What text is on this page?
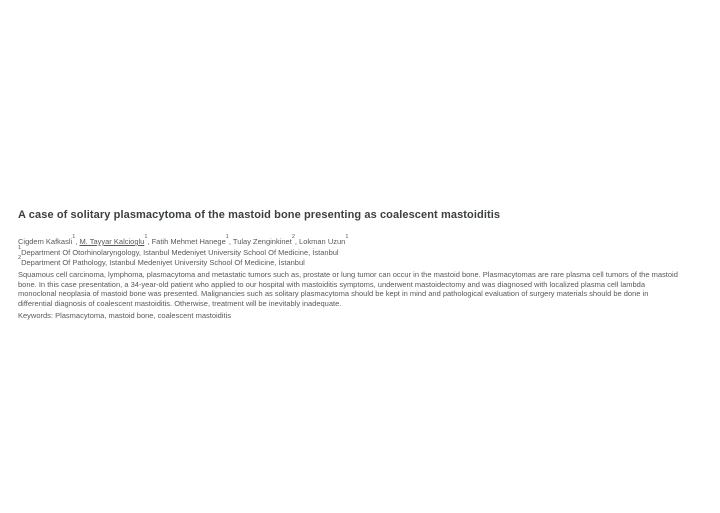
A case of solitary plasmacytoma of the mastoid bone presenting as coalescent mastoiditis
Cigdem Kafkasli$^1$, M. Tayyar Kalcioglu$^1$, Fatih Mehmet Hanege$^1$, Tulay Zenginkinet$^2$, Lokman Uzun$^1$
$^1$Department Of Otorhinolaryngology, Istanbul Medeniyet University School Of Medicine, İstanbul
$^2$Department Of Pathology, Istanbul Medeniyet University School Of Medicine, İstanbul
Squamous cell carcinoma, lymphoma, plasmacytoma and metastatic tumors such as, prostate or lung tumor can occur in the mastoid bone. Plasmacytomas are rare plasma cell tumors of the mastoid
bone. In this case presentation, a 34-year-old patient who applied to our hospital with mastoiditis symptoms, underwent mastoidectomy and was diagnosed with localized plasma cell lambda
monoclonal neoplasia of mastoid bone was presented. Malignancies such as solitary plasmacytoma should be kept in mind and pathological evaluation of surgery materials should be done in
differential diagnosis of coalescent mastoiditis. Otherwise, treatment will be inevitably inadequate.
Keywords: Plasmacytoma, mastoid bone, coalescent mastoiditis
